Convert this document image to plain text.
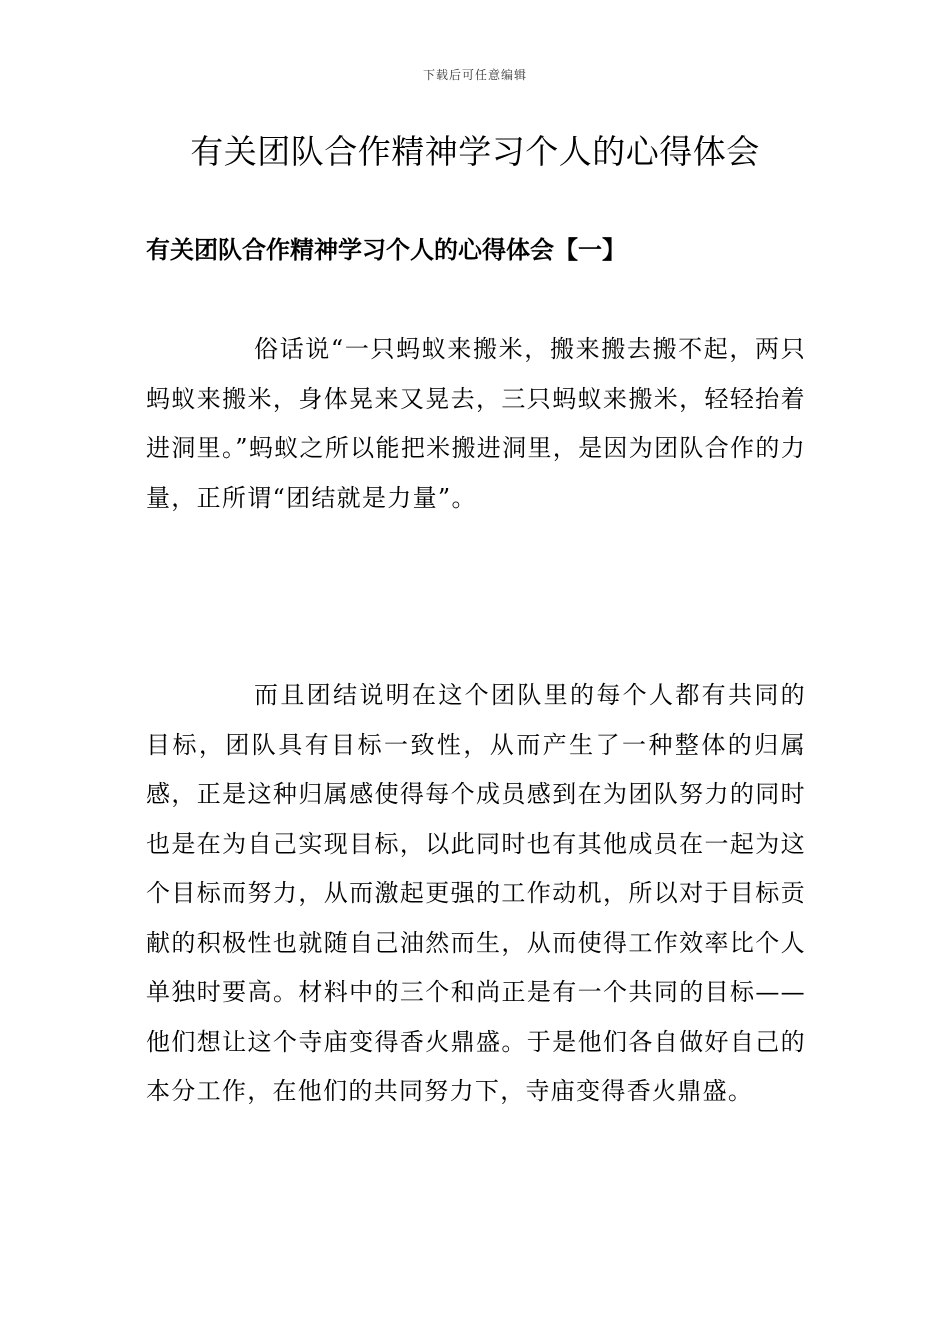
下载后可任意编辑
有关团队合作精神学习个人的心得体会
有关团队合作精神学习个人的心得体会【一】

俗话说“一只蚂蚁来搬米，搬来搬去搬不起，两只蚂蚁来搬米，身体晃来又晃去，三只蚂蚁来搬米，轻轻抬着进洞里。”蚂蚁之所以能把米搬进洞里，是因为团队合作的力量，正所谓“团结就是力量”。

而且团结说明在这个团队里的每个人都有共同的目标，团队具有目标一致性，从而产生了一种整体的归属感，正是这种归属感使得每个成员感到在为团队努力的同时也是在为自己实现目标，以此同时也有其他成员在一起为这个目标而努力，从而激起更强的工作动机，所以对于目标贡献的积极性也就随自己油然而生，从而使得工作效率比个人单独时要高。材料中的三个和尚正是有一个共同的目标——他们想让这个寺庙变得香火鼎盛。于是他们各自做好自己的本分工作，在他们的共同努力下，寺庙变得香火鼎盛。
